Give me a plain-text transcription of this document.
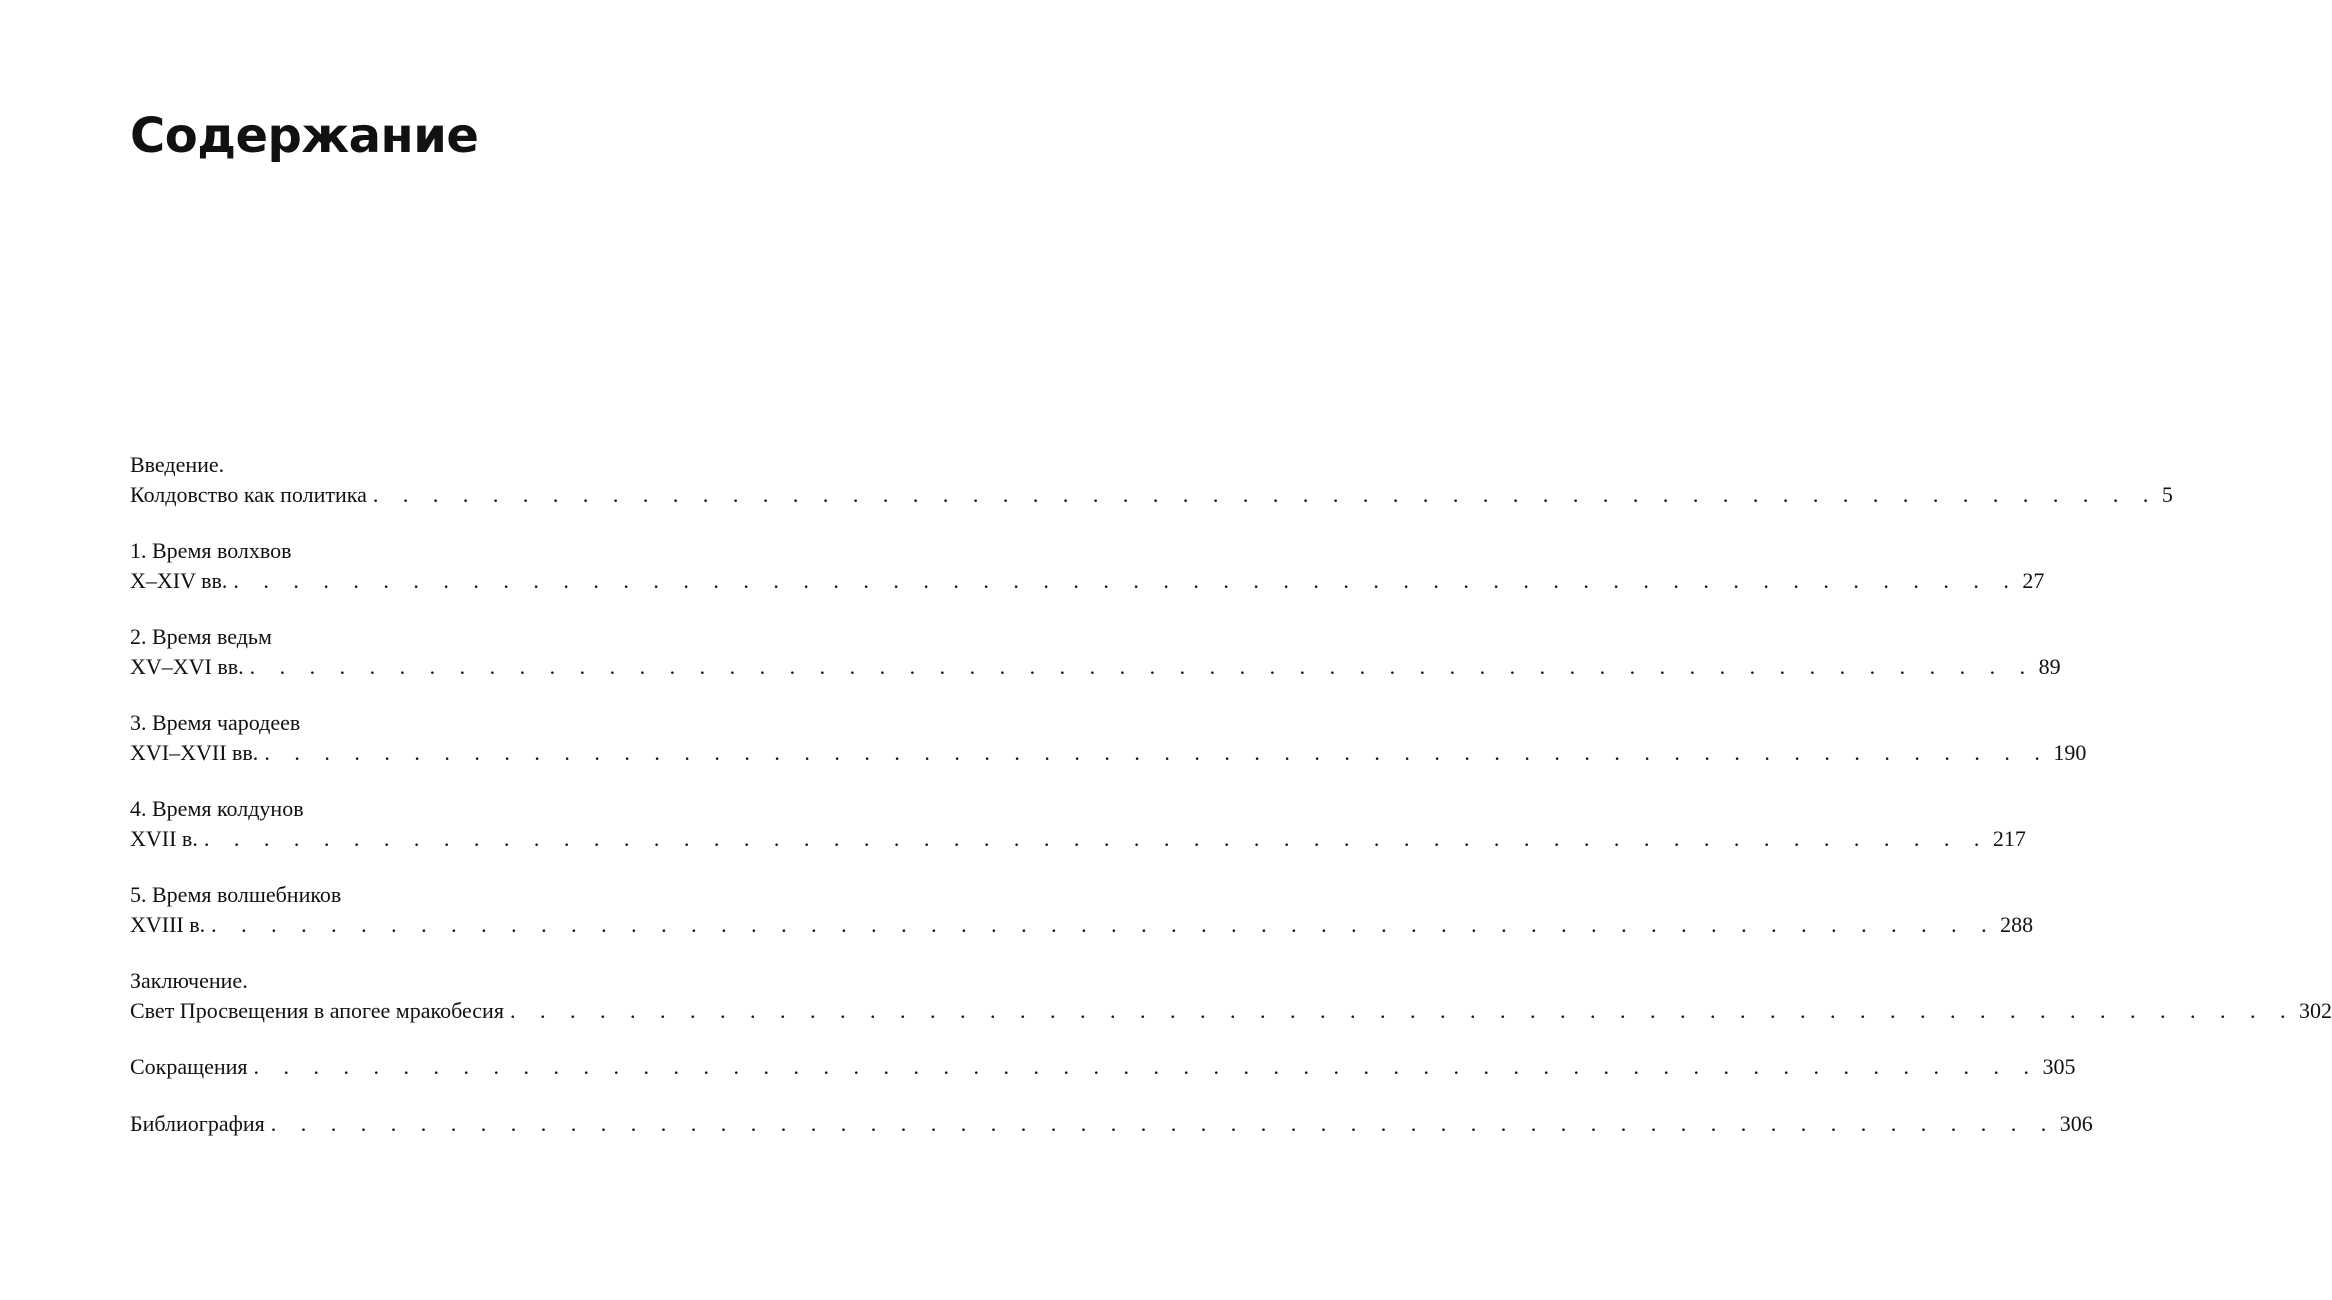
Содержание
Введение.
Колдовство как политика . . . . . . . . . . . . . . . . . . . . . . . . . . . . . . . . . . . . . . . . . . . . . . . . . . . . . . . . . . . . 5
1. Время волхвов
X–XIV вв. . . . . . . . . . . . . . . . . . . . . . . . . . . . . . . . . . . . . . . . . . . . . . . . . . . . . . . . . . . . . 27
2. Время ведьм
XV–XVI вв. . . . . . . . . . . . . . . . . . . . . . . . . . . . . . . . . . . . . . . . . . . . . . . . . . . . . . . . . . . . . 89
3. Время чародеев
XVI–XVII вв. . . . . . . . . . . . . . . . . . . . . . . . . . . . . . . . . . . . . . . . . . . . . . . . . . . . . . . . . . . . . 190
4. Время колдунов
XVII в. . . . . . . . . . . . . . . . . . . . . . . . . . . . . . . . . . . . . . . . . . . . . . . . . . . . . . . . . . . . . 217
5. Время волшебников
XVIII в. . . . . . . . . . . . . . . . . . . . . . . . . . . . . . . . . . . . . . . . . . . . . . . . . . . . . . . . . . . . . 288
Заключение.
Свет Просвещения в апогее мракобесия . . . . . . . . . . . . . . . . . . . . . . . . . . . . . . . . . . . . . . . . . . . . . . . . . . . . . . . . . . . . 302
Сокращения . . . . . . . . . . . . . . . . . . . . . . . . . . . . . . . . . . . . . . . . . . . . . . . . . . . . . . . . . . . . 305
Библиография . . . . . . . . . . . . . . . . . . . . . . . . . . . . . . . . . . . . . . . . . . . . . . . . . . . . . . . . . . . . 306
